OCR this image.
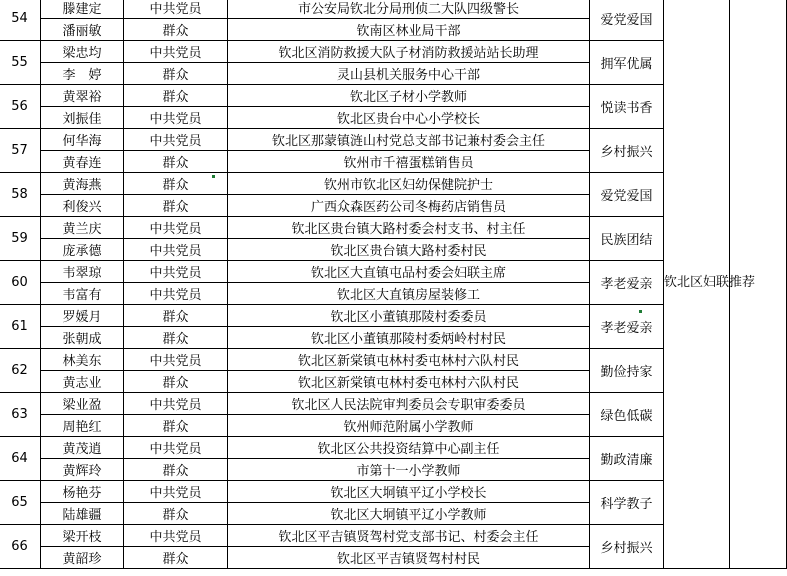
54	滕建定	中共党员	市公安局钦北分局刑侦二大队四级警长	爱党爱国	钦北区妇联推荐	
	潘丽敏	群众	钦南区林业局干部			
55	梁忠均	中共党员	钦北区消防救援大队子材消防救援站站长助理	拥军优属		
	李　婷	群众	灵山县机关服务中心干部			
56	黄翠裕	群众	钦北区子材小学教师	悦读书香		
	刘振佳	中共党员	钦北区贵台中心小学校长			
57	何华海	中共党员	钦北区那蒙镇涟山村党总支部书记兼村委会主任	乡村振兴		
	黄春连	群众	钦州市千禧蛋糕销售员			
58	黄海燕	群众	钦州市钦北区妇幼保健院护士	爱党爱国		
	利俊兴	群众	广西众森医药公司冬梅药店销售员			
59	黄兰庆	中共党员	钦北区贵台镇大路村委会村支书、村主任	民族团结		
	庞承德	中共党员	钦北区贵台镇大路村委村民			
60	韦翠琼	中共党员	钦北区大直镇屯品村委会妇联主席	孝老爱亲		
	韦富有	中共党员	钦北区大直镇房屋装修工			
61	罗媛月	群众	钦北区小董镇那陵村委委员	孝老爱亲		
	张朝成	群众	钦北区小董镇那陵村委炳岭村村民			
62	林美东	中共党员	钦北区新棠镇屯林村委屯林村六队村民	勤俭持家		
	黄志业	群众	钦北区新棠镇屯林村委屯林村六队村民			
63	梁业盈	中共党员	钦北区人民法院审判委员会专职审委委员	绿色低碳		
	周艳红	群众	钦州师范附属小学教师			
64	黄茂逍	中共党员	钦北区公共投资结算中心副主任	勤政清廉		
	黄辉玲	群众	市第十一小学教师			
65	杨艳芬	中共党员	钦北区大垌镇平辽小学校长	科学教子		
	陆雄疆	群众	钦北区大垌镇平辽小学教师			
66	梁开枝	中共党员	钦北区平吉镇贤驾村党支部书记、村委会主任	乡村振兴		
	黄韶珍	群众	钦北区平吉镇贤驾村村民			
